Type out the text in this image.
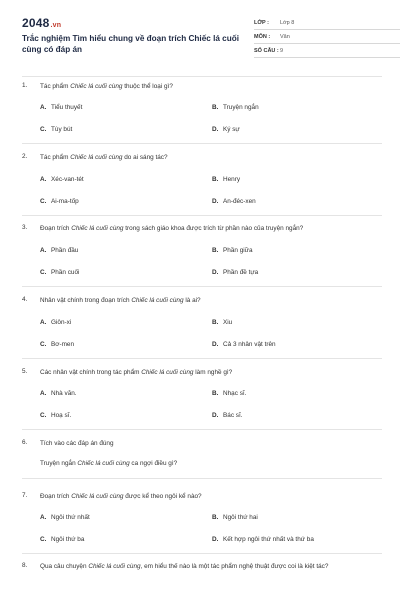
2048.vn
Trắc nghiệm Tìm hiểu chung về đoạn trích Chiếc lá cuối cùng có đáp án
LỚP : Lớp 8
MÔN : Văn
SỐ CÂU : 9
1. Tác phẩm Chiếc lá cuối cùng thuộc thể loại gì?
A. Tiểu thuyết	B. Truyện ngắn
C. Tùy bút	D. Ký sự
2. Tác phẩm Chiếc lá cuối cùng do ai sáng tác?
A. Xéc-van-tét	B. Henry
C. Ai-ma-tốp	D. An-đéc-xen
3. Đoạn trích Chiếc lá cuối cùng trong sách giáo khoa được trích từ phần nào của truyện ngắn?
A. Phần đầu	B. Phần giữa
C. Phần cuối	D. Phần đề tựa
4. Nhân vật chính trong đoạn trích Chiếc lá cuối cùng là ai?
A. Giôn-xi	B. Xiu
C. Bơ-men	D. Cả 3 nhân vật trên
5. Các nhân vật chính trong tác phẩm Chiếc lá cuối cùng làm nghề gì?
A. Nhà văn.	B. Nhạc sĩ.
C. Hoạ sĩ.	D. Bác sĩ.
6. Tích vào các đáp án đúng
Truyện ngắn Chiếc lá cuối cùng ca ngợi điều gì?
7. Đoạn trích Chiếc lá cuối cùng được kể theo ngôi kể nào?
A. Ngôi thứ nhất	B. Ngôi thứ hai
C. Ngôi thứ ba	D. Kết hợp ngôi thứ nhất và thứ ba
8. Qua câu chuyện Chiếc lá cuối cùng, em hiểu thế nào là một tác phẩm nghệ thuật được coi là kiệt tác?
